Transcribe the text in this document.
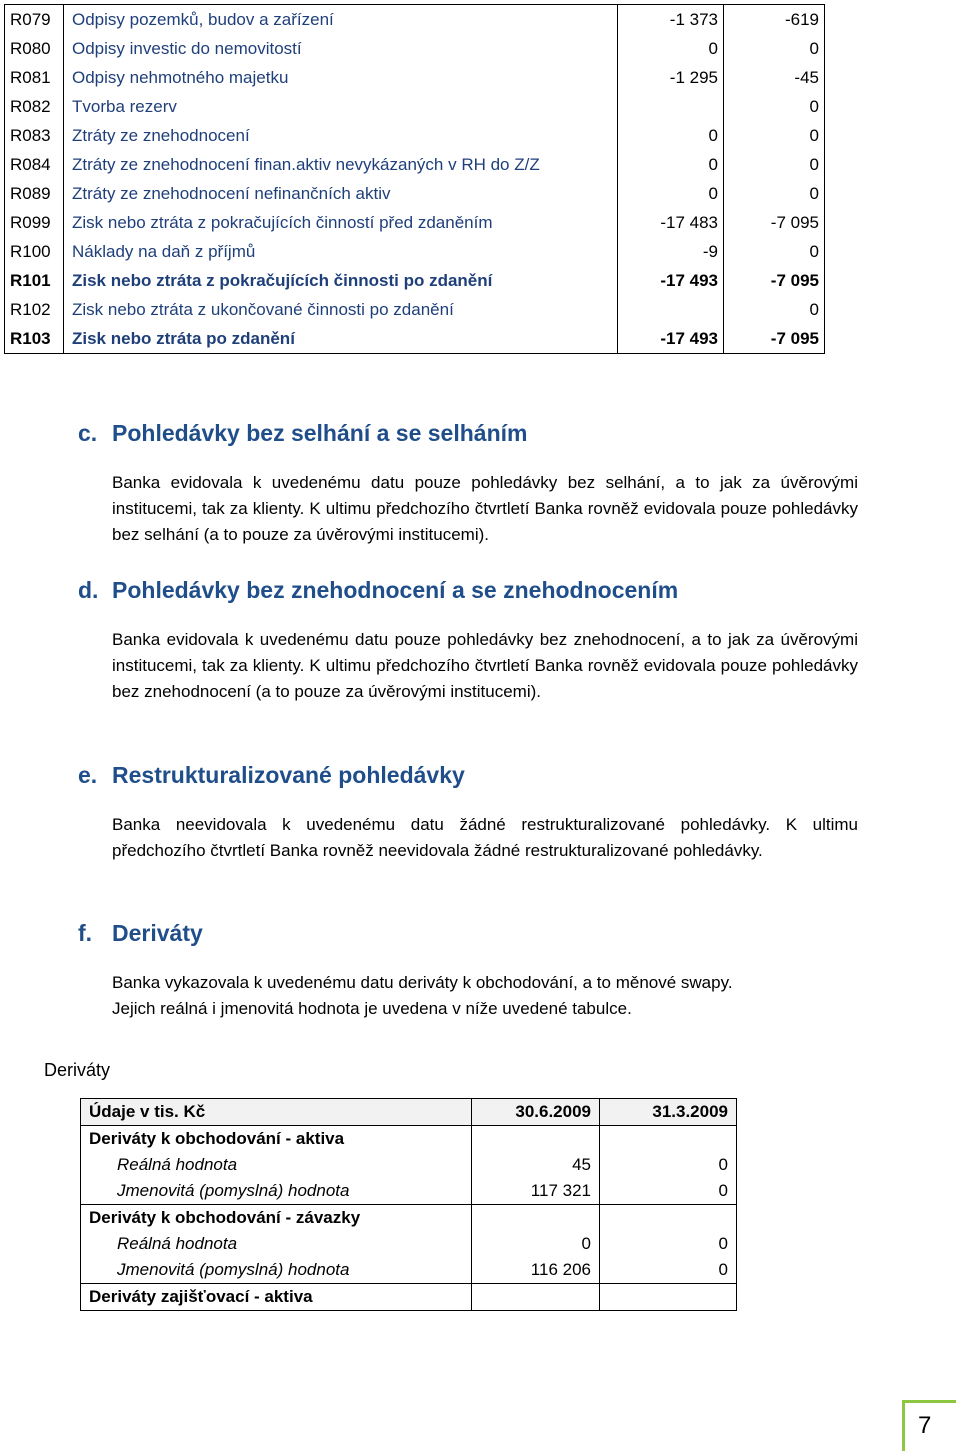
R079	Odpisy pozemků, budov a zařízení	-1 373	-619
R080	Odpisy investic do nemovitostí	0	0
R081	Odpisy nehmotného majetku	-1 295	-45
R082	Tvorba rezerv		0
R083	Ztráty ze znehodnocení	0	0
R084	Ztráty ze znehodnocení finan.aktiv nevykázaných v RH do Z/Z	0	0
R089	Ztráty ze znehodnocení nefinančních aktiv	0	0
R099	Zisk nebo ztráta z pokračujících činností před zdaněním	-17 483	-7 095
R100	Náklady na daň z příjmů	-9	0
R101	Zisk nebo ztráta z pokračujících činnosti po zdanění	-17 493	-7 095
R102	Zisk nebo ztráta z ukončované činnosti po zdanění		0
R103	Zisk nebo ztráta po zdanění	-17 493	-7 095
c. Pohledávky bez selhání a se selháním
Banka evidovala k uvedenému datu pouze pohledávky bez selhání, a to jak za úvěrovými institucemi, tak za klienty. K ultimu předchozího čtvrtletí Banka rovněž evidovala pouze pohledávky bez selhání (a to pouze za úvěrovými institucemi).
d. Pohledávky bez znehodnocení a se znehodnocením
Banka evidovala k uvedenému datu pouze pohledávky bez znehodnocení, a to jak za úvěrovými institucemi, tak za klienty. K ultimu předchozího čtvrtletí Banka rovněž evidovala pouze pohledávky bez znehodnocení (a to pouze za úvěrovými institucemi).
e. Restrukturalizované pohledávky
Banka neevidovala k uvedenému datu žádné restrukturalizované pohledávky. K ultimu předchozího čtvrtletí Banka rovněž neevidovala žádné restrukturalizované pohledávky.
f. Deriváty
Banka vykazovala k uvedenému datu deriváty k obchodování, a to měnové swapy.
Jejich reálná i jmenovitá hodnota je uvedena v níže uvedené tabulce.
Deriváty
Údaje v tis. Kč	30.6.2009	31.3.2009
Deriváty k obchodování - aktiva		
Reálná hodnota	45	0
Jmenovitá (pomyslná) hodnota	117 321	0
Deriváty k obchodování - závazky		
Reálná hodnota	0	0
Jmenovitá (pomyslná) hodnota	116 206	0
Deriváty zajišťovací - aktiva		
7
